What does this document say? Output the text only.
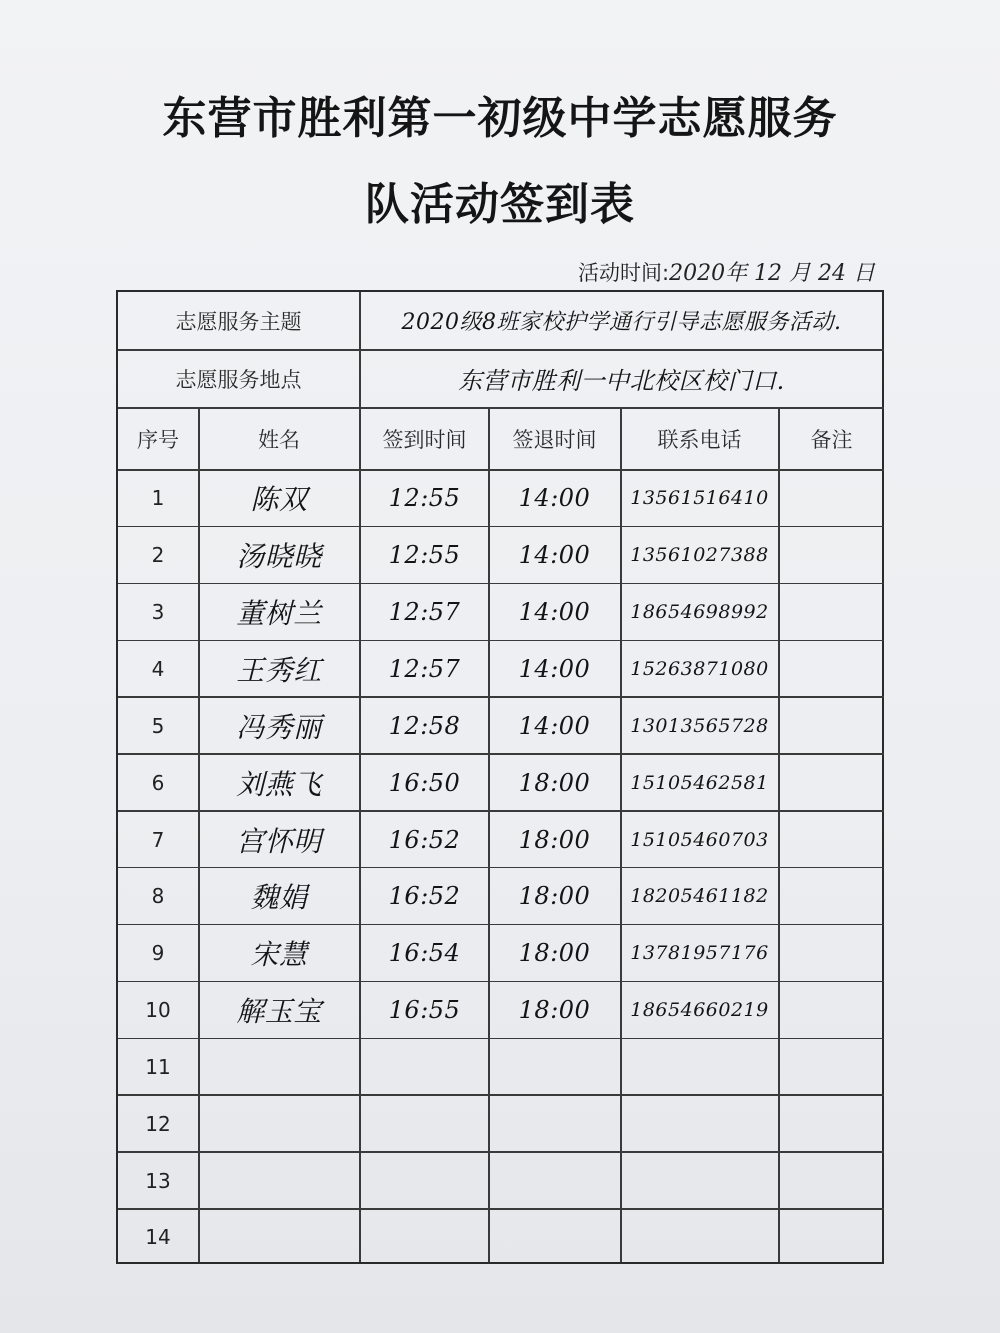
东营市胜利第一初级中学志愿服务
队活动签到表
活动时间:2020年 12 月 24 日
志愿服务主题	2020级8班家校护学通行引导志愿服务活动.
志愿服务地点	东营市胜利一中北校区校门口.
序号	姓名	签到时间	签退时间	联系电话	备注
1	陈双	12:55	14:00	13561516410
2	汤晓晓	12:55	14:00	13561027388
3	董树兰	12:57	14:00	18654698992
4	王秀红	12:57	14:00	15263871080
5	冯秀丽	12:58	14:00	13013565728
6	刘燕飞	16:50	18:00	15105462581
7	宫怀明	16:52	18:00	15105460703
8	魏娟	16:52	18:00	18205461182
9	宋慧	16:54	18:00	13781957176
10	解玉宝	16:55	18:00	18654660219
11
12
13
14
